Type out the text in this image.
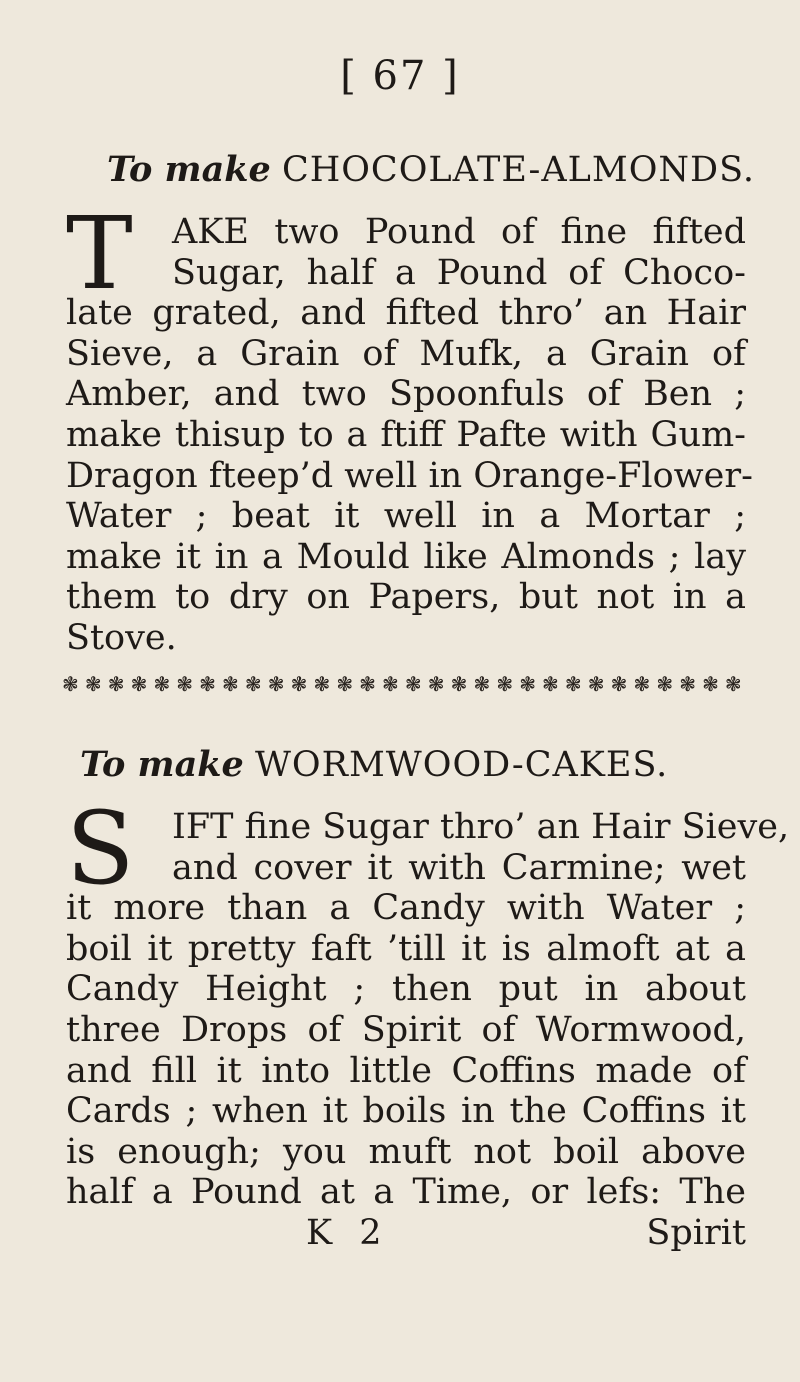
[ 67 ]
To make CHOCOLATE-ALMONDS.
T AKE two Pound of fine fifted
Sugar, half a Pound of Choco-
late grated, and fifted thro’ an Hair
Sieve, a Grain of Mufk, a Grain of
Amber, and two Spoonfuls of Ben ;
make thisup to a ftiff Pafte with Gum-
Dragon fteep’d well in Orange-Flower-
Water ; beat it well in a Mortar ;
make it in a Mould like Almonds ; lay
them to dry on Papers, but not in a
Stove.
❃ ❃ ❃ ❃ ❃ ❃ ❃ ❃ ❃ ❃ ❃ ❃ ❃ ❃ ❃ ❃ ❃ ❃ ❃ ❃ ❃ ❃ ❃ ❃ ❃ ❃ ❃ ❃ ❃ ❃
To make WORMWOOD-CAKES.
S IFT fine Sugar thro’ an Hair Sieve,
and cover it with Carmine; wet
it more than a Candy with Water ;
boil it pretty faft ’till it is almoft at a
Candy Height ; then put in about
three Drops of Spirit of Wormwood,
and fill it into little Coffins made of
Cards ; when it boils in the Coffins it
is enough; you muft not boil above
half a Pound at a Time, or lefs: The
K 2	Spirit
